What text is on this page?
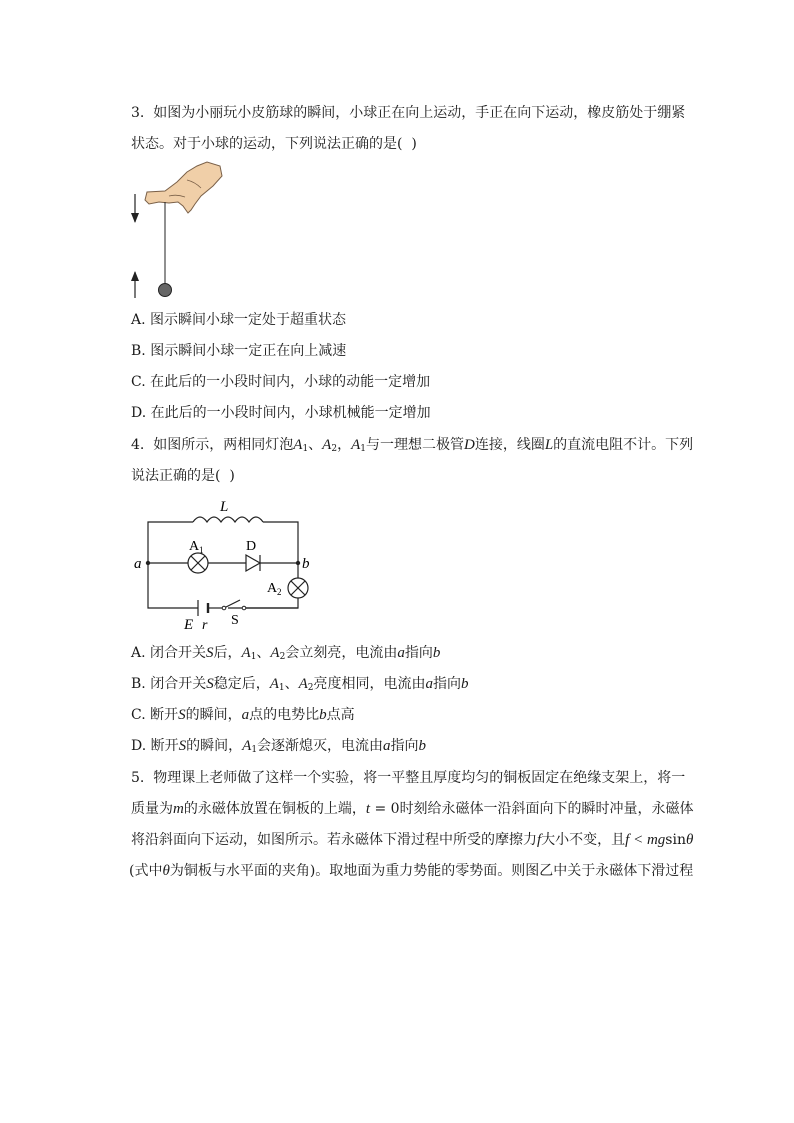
3.  如图为小丽玩小皮筋球的瞬间，小球正在向上运动，手正在向下运动，橡皮筋处于绷紧
状态。对于小球的运动，下列说法正确的是(  )
A. 图示瞬间小球一定处于超重状态
B. 图示瞬间小球一定正在向上减速
C. 在此后的一小段时间内，小球的动能一定增加
D. 在此后的一小段时间内，小球机械能一定增加
4.  如图所示，两相同灯泡$A_1$、$A_2$，$A_1$与一理想二极管D连接，线圈L的直流电阻不计。下列
说法正确的是(  )
L
A 1	D
a	b
A 2
E r S
A. 闭合开关S后，$A_1$、$A_2$会立刻亮，电流由a指向b
B. 闭合开关S稳定后，$A_1$、$A_2$亮度相同，电流由a指向b
C. 断开S的瞬间，a点的电势比b点高
D. 断开S的瞬间，$A_1$会逐渐熄灭，电流由a指向b
5.  物理课上老师做了这样一个实验，将一平整且厚度均匀的铜板固定在绝缘支架上，将一
质量为m的永磁体放置在铜板的上端，t = 0时刻给永磁体一沿斜面向下的瞬时冲量，永磁体
将沿斜面向下运动，如图所示。若永磁体下滑过程中所受的摩擦力f大小不变，且f < mgsinθ
(式中θ为铜板与水平面的夹角)。取地面为重力势能的零势面。则图乙中关于永磁体下滑过程
